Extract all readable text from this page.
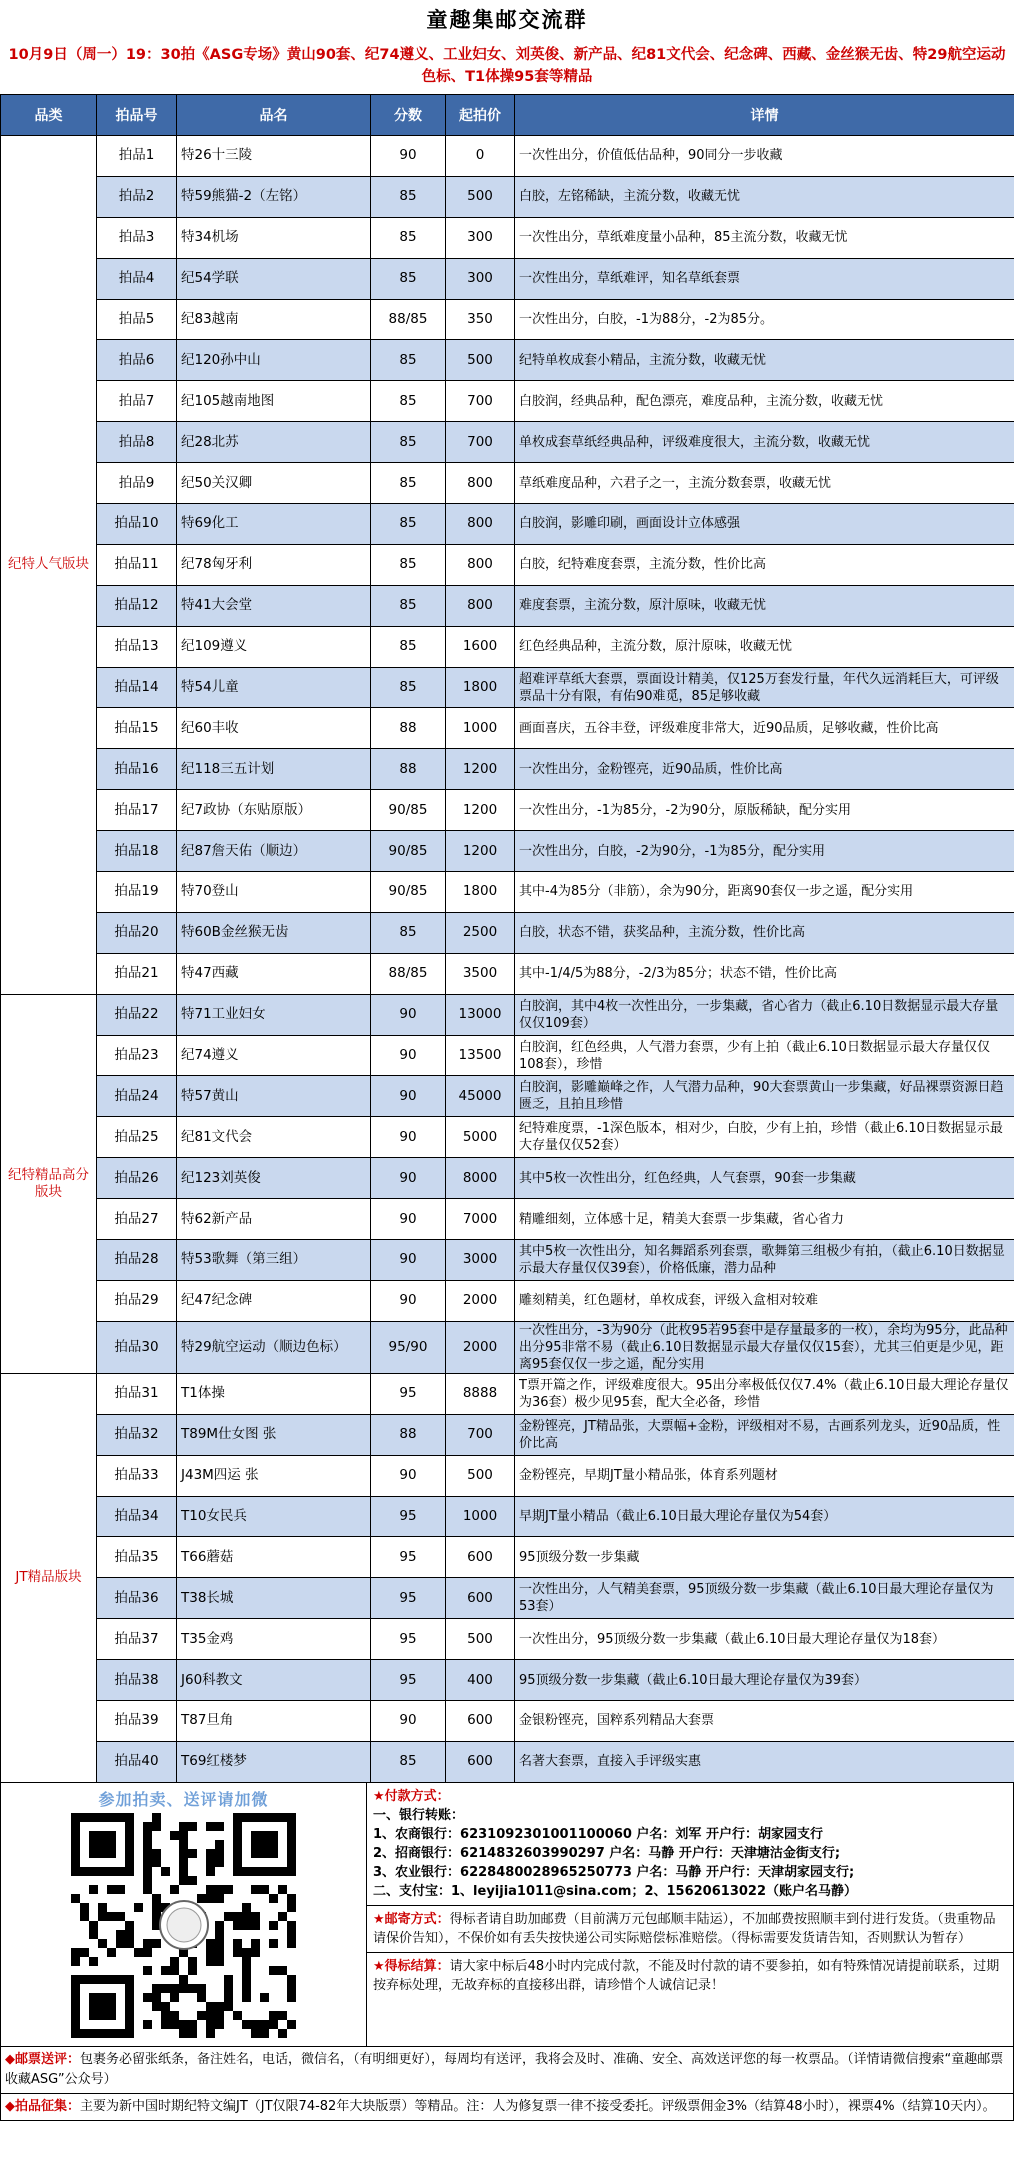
童趣集邮交流群
10月9日（周一）19：30拍《ASG专场》黄山90套、纪74遵义、工业妇女、刘英俊、新产品、纪81文代会、纪念碑、西藏、金丝猴无齿、特29航空运动色标、T1体操95套等精品
品类	拍品号	品名	分数	起拍价	详情
纪特人气版块	拍品1	特26十三陵	90	0	一次性出分，价值低估品种，90同分一步收藏
	拍品2	特59熊猫-2（左铭）	85	500	白胶，左铭稀缺，主流分数，收藏无忧
	拍品3	特34机场	85	300	一次性出分，草纸难度量小品种，85主流分数，收藏无忧
	拍品4	纪54学联	85	300	一次性出分，草纸难评，知名草纸套票
	拍品5	纪83越南	88/85	350	一次性出分，白胶，-1为88分，-2为85分。
	拍品6	纪120孙中山	85	500	纪特单枚成套小精品，主流分数，收藏无忧
	拍品7	纪105越南地图	85	700	白胶润，经典品种，配色漂亮，难度品种，主流分数，收藏无忧
	拍品8	纪28北苏	85	700	单枚成套草纸经典品种，评级难度很大，主流分数，收藏无忧
	拍品9	纪50关汉卿	85	800	草纸难度品种，六君子之一，主流分数套票，收藏无忧
	拍品10	特69化工	85	800	白胶润，影雕印刷，画面设计立体感强
	拍品11	纪78匈牙利	85	800	白胶，纪特难度套票，主流分数，性价比高
	拍品12	特41大会堂	85	800	难度套票，主流分数，原汁原味，收藏无忧
	拍品13	纪109遵义	85	1600	红色经典品种，主流分数，原汁原味，收藏无忧
	拍品14	特54儿童	85	1800	超难评草纸大套票，票面设计精美，仅125万套发行量，年代久远消耗巨大，可评级票品十分有限，有佑90难觅，85足够收藏
	拍品15	纪60丰收	88	1000	画面喜庆，五谷丰登，评级难度非常大，近90品质，足够收藏，性价比高
	拍品16	纪118三五计划	88	1200	一次性出分，金粉铿亮，近90品质，性价比高
	拍品17	纪7政协（东贴原版）	90/85	1200	一次性出分，-1为85分，-2为90分，原版稀缺，配分实用
	拍品18	纪87詹天佑（顺边）	90/85	1200	一次性出分，白胶，-2为90分，-1为85分，配分实用
	拍品19	特70登山	90/85	1800	其中-4为85分（非筋），余为90分，距离90套仅一步之遥，配分实用
	拍品20	特60B金丝猴无齿	85	2500	白胶，状态不错，获奖品种，主流分数，性价比高
	拍品21	特47西藏	88/85	3500	其中-1/4/5为88分，-2/3为85分；状态不错，性价比高
纪特精品高分版块	拍品22	特71工业妇女	90	13000	白胶润，其中4枚一次性出分，一步集藏，省心省力（截止6.10日数据显示最大存量仅仅109套）
	拍品23	纪74遵义	90	13500	白胶润，红色经典，人气潜力套票，少有上拍（截止6.10日数据显示最大存量仅仅108套），珍惜
	拍品24	特57黄山	90	45000	白胶润，影雕巅峰之作，人气潜力品种，90大套票黄山一步集藏，好品裸票资源日趋匮乏，且拍且珍惜
	拍品25	纪81文代会	90	5000	纪特难度票，-1深色版本，相对少，白胶，少有上拍，珍惜（截止6.10日数据显示最大存量仅仅52套）
	拍品26	纪123刘英俊	90	8000	其中5枚一次性出分，红色经典，人气套票，90套一步集藏
	拍品27	特62新产品	90	7000	精雕细刻，立体感十足，精美大套票一步集藏，省心省力
	拍品28	特53歌舞（第三组）	90	3000	其中5枚一次性出分，知名舞蹈系列套票，歌舞第三组极少有拍，（截止6.10日数据显示最大存量仅仅39套），价格低廉，潜力品种
	拍品29	纪47纪念碑	90	2000	雕刻精美，红色题材，单枚成套，评级入盒相对较难
	拍品30	特29航空运动（顺边色标）	95/90	2000	一次性出分，-3为90分（此枚95若95套中是存量最多的一枚），余均为95分，此品种出分95非常不易（截止6.10日数据显示最大存量仅仅15套），尤其三伯更是少见，距离95套仅仅一步之遥，配分实用
JT精品版块	拍品31	T1体操	95	8888	T票开篇之作，评级难度很大。95出分率极低仅仅7.4%（截止6.10日最大理论存量仅为36套）极少见95套，配大全必备，珍惜
	拍品32	T89M仕女图 张	88	700	金粉铿亮，JT精品张，大票幅+金粉，评级相对不易，古画系列龙头，近90品质，性价比高
	拍品33	J43M四运 张	90	500	金粉铿亮，早期JT量小精品张，体育系列题材
	拍品34	T10女民兵	95	1000	早期JT量小精品（截止6.10日最大理论存量仅为54套）
	拍品35	T66蘑菇	95	600	95顶级分数一步集藏
	拍品36	T38长城	95	600	一次性出分，人气精美套票，95顶级分数一步集藏（截止6.10日最大理论存量仅为53套）
	拍品37	T35金鸡	95	500	一次性出分，95顶级分数一步集藏（截止6.10日最大理论存量仅为18套）
	拍品38	J60科教文	95	400	95顶级分数一步集藏（截止6.10日最大理论存量仅为39套）
	拍品39	T87旦角	90	600	金银粉铿亮，国粹系列精品大套票
	拍品40	T69红楼梦	85	600	名著大套票，直接入手评级实惠
参加拍卖、送评请加微	★付款方式：
一、银行转账：
1、农商银行：6231092301001100060 户名：刘军 开户行：胡家园支行
2、招商银行：6214832603990297 户名：马静 开户行：天津塘沽金街支行;
3、农业银行：6228480028965250773 户名：马静 开户行：天津胡家园支行;
二、支付宝：1、leyijia1011@sina.com；2、15620613022（账户名马静）
★邮寄方式：得标者请自助加邮费（目前满万元包邮顺丰陆运），不加邮费按照顺丰到付进行发货。（贵重物品请保价告知），不保价如有丢失按快递公司实际赔偿标准赔偿。（得标需要发货请告知，否则默认为暂存）
★得标结算：请大家中标后48小时内完成付款，不能及时付款的请不要参拍，如有特殊情况请提前联系，过期按弃标处理，无故弃标的直接移出群，请珍惜个人诚信记录！
◆邮票送评：包裹务必留张纸条，备注姓名，电话，微信名，（有明细更好），每周均有送评，我将会及时、准确、安全、高效送评您的每一枚票品。（详情请微信搜索“童趣邮票收藏ASG”公众号）
◆拍品征集：主要为新中国时期纪特文编JT（JT仅限74-82年大块版票）等精品。注：人为修复票一律不接受委托。评级票佣金3%（结算48小时），裸票4%（结算10天内）。
